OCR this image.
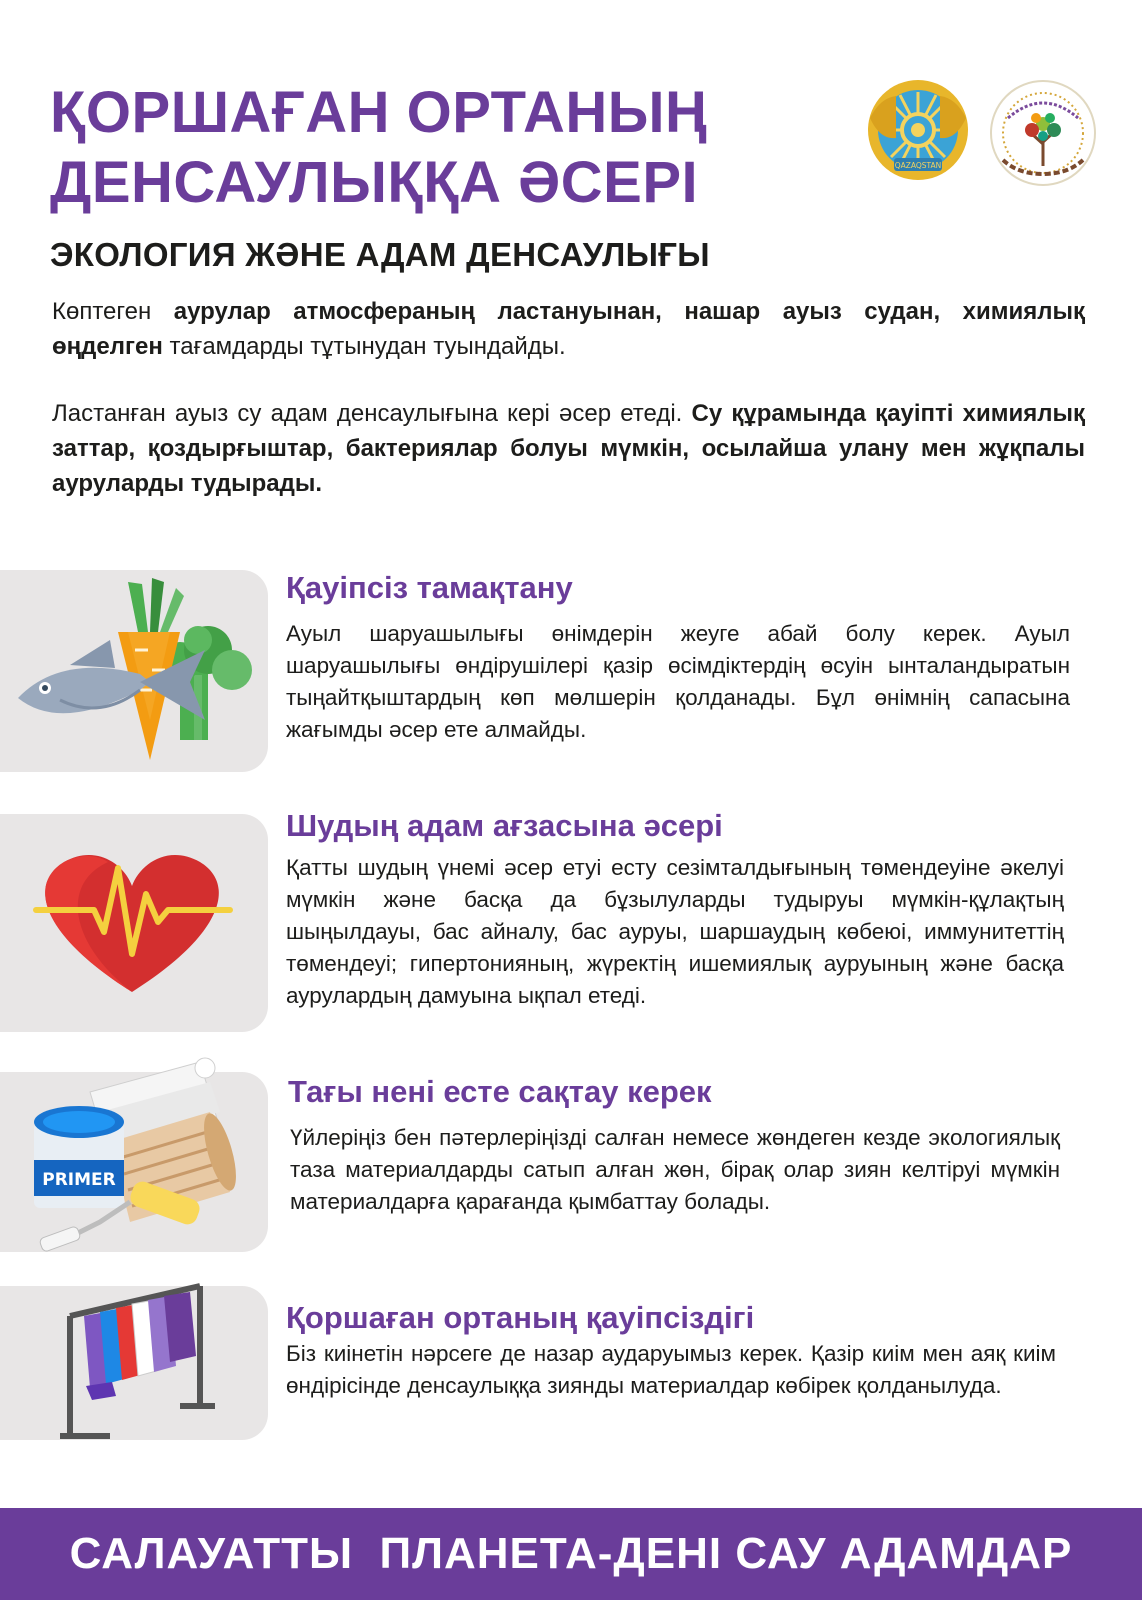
ҚОРШАҒАН ОРТАНЫҢ
ДЕНСАУЛЫҚҚА ӘСЕРІ	QAZAQSTAN
ЭКОЛОГИЯ ЖӘНЕ АДАМ ДЕНСАУЛЫҒЫ

Көптеген аурулар атмосфераның ластануынан, нашар ауыз судан, химиялық өңделген тағамдарды тұтынудан туындайды.

Ластанған ауыз су адам денсаулығына кері әсер етеді. Су құрамында қауіпті химиялық заттар, қоздырғыштар, бактериялар болуы мүмкін, осылайша улану мен жұқпалы ауруларды тудырады.

Қауіпсіз тамақтану

Ауыл шаруашылығы өнімдерін жеуге абай болу керек. Ауыл шаруашылығы өндірушілері қазір өсімдіктердің өсуін ынталандыратын тыңайтқыштардың көп мөлшерін қолданады. Бұл өнімнің сапасына жағымды әсер ете алмайды.

Шудың адам ағзасына әсері

Қатты шудың үнемі әсер етуі есту сезімталдығының төмендеуіне әкелуі мүмкін және басқа да бұзылуларды тудыруы мүмкін-құлақтың шыңылдауы, бас айналу, бас ауруы, шаршаудың көбеюі, иммунитеттің төмендеуі; гипертонияның, жүректің ишемиялық ауруының және басқа аурулардың дамуына ықпал етеді.

PRIMER
Тағы нені есте сақтау керек

Үйлеріңіз бен пәтерлеріңізді салған немесе жөндеген кезде экологиялық таза материалдарды сатып алған жөн, бірақ олар зиян келтіруі мүмкін материалдарға қарағанда қымбаттау болады.

Қоршаған ортаның қауіпсіздігі

Біз киінетін нәрсеге де назар аударуымыз керек. Қазір киім мен аяқ киім өндірісінде денсаулыққа зиянды материалдар көбірек қолданылуда.

САЛАУАТТЫ  ПЛАНЕТА-ДЕНІ САУ АДАМДАР
